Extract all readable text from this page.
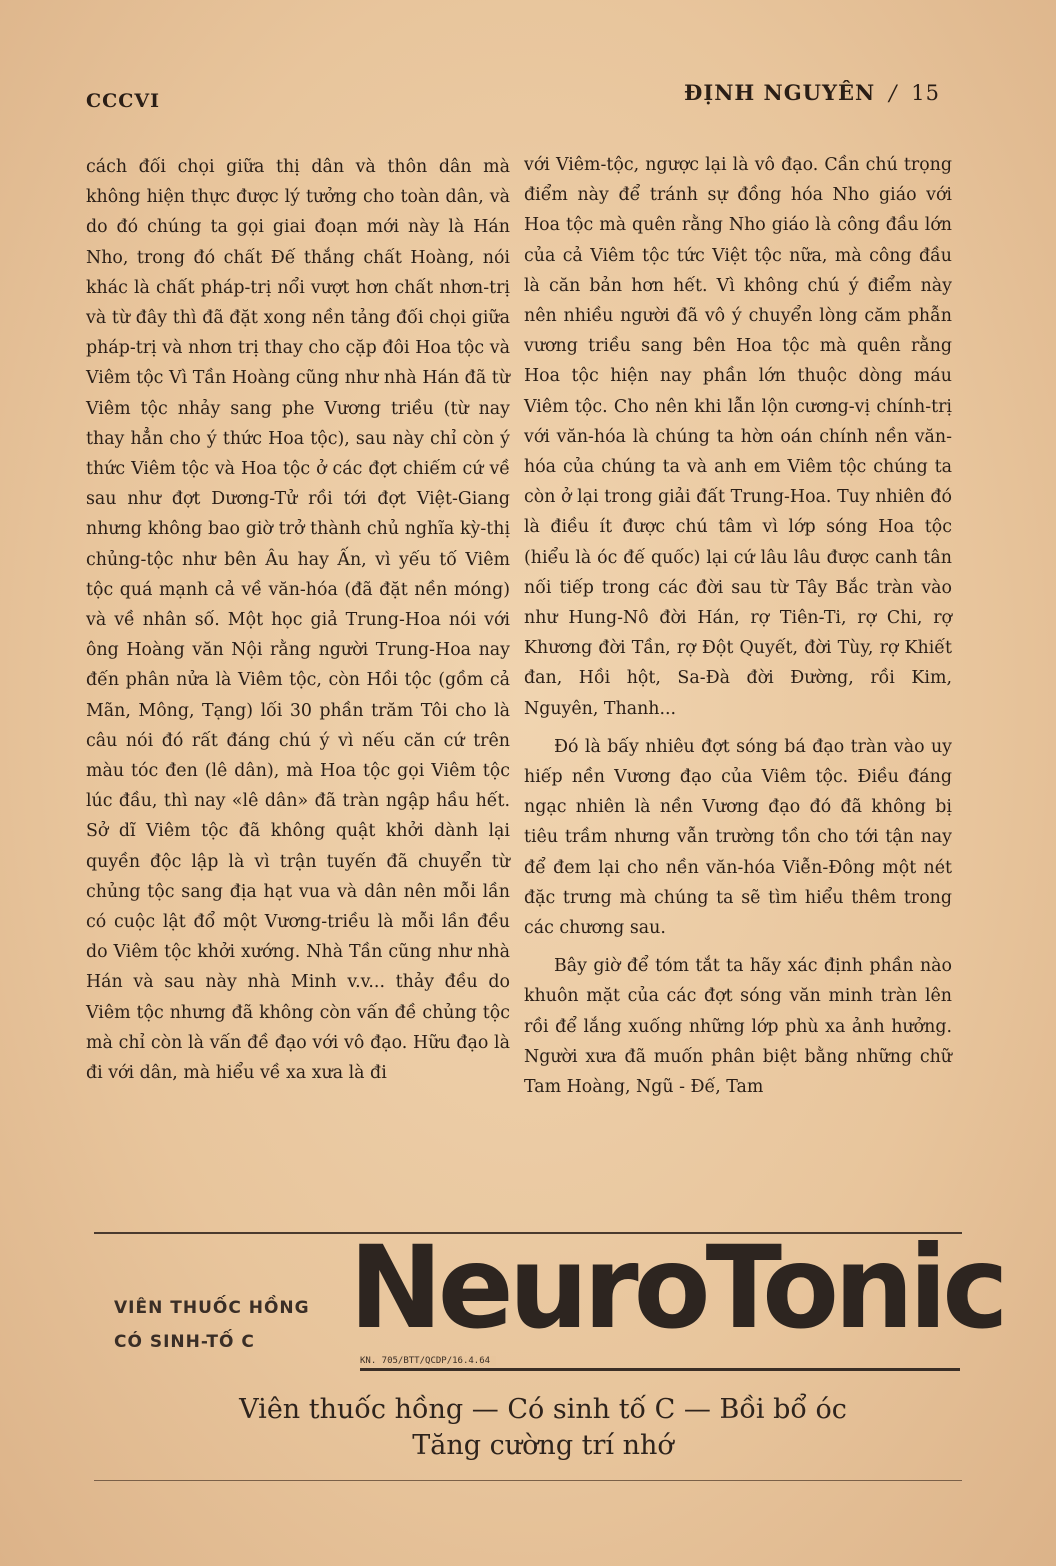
CCCVI	ĐỊNH NGUYÊN / 15

cách đối chọi giữa thị dân và thôn dân mà không hiện thực được lý tưởng cho toàn dân, và do đó chúng ta gọi giai đoạn mới này là Hán Nho, trong đó chất Đế thắng chất Hoàng, nói khác là chất pháp-trị nổi vượt hơn chất nhơn-trị và từ đây thì đã đặt xong nền tảng đối chọi giữa pháp-trị và nhơn trị thay cho cặp đôi Hoa tộc và Viêm tộc Vì Tần Hoàng cũng như nhà Hán đã từ Viêm tộc nhảy sang phe Vương triều (từ nay thay hẳn cho ý thức Hoa tộc), sau này chỉ còn ý thức Viêm tộc và Hoa tộc ở các đợt chiếm cứ về sau như đợt Dương-Tử rồi tới đợt Việt-Giang nhưng không bao giờ trở thành chủ nghĩa kỳ-thị chủng-tộc như bên Âu hay Ấn, vì yếu tố Viêm tộc quá mạnh cả về văn-hóa (đã đặt nền móng) và về nhân số. Một học giả Trung-Hoa nói với ông Hoàng văn Nội rằng người Trung-Hoa nay đến phân nửa là Viêm tộc, còn Hồi tộc (gồm cả Mãn, Mông, Tạng) lối 30 phần trăm Tôi cho là câu nói đó rất đáng chú ý vì nếu căn cứ trên màu tóc đen (lê dân), mà Hoa tộc gọi Viêm tộc lúc đầu, thì nay «lê dân» đã tràn ngập hầu hết. Sở dĩ Viêm tộc đã không quật khởi dành lại quyền độc lập là vì trận tuyến đã chuyển từ chủng tộc sang địa hạt vua và dân nên mỗi lần có cuộc lật đổ một Vương-triều là mỗi lần đều do Viêm tộc khởi xướng. Nhà Tần cũng như nhà Hán và sau này nhà Minh v.v... thảy đều do Viêm tộc nhưng đã không còn vấn đề chủng tộc mà chỉ còn là vấn đề đạo với vô đạo. Hữu đạo là đi với dân, mà hiểu về xa xưa là đi

với Viêm-tộc, ngược lại là vô đạo. Cần chú trọng điểm này để tránh sự đồng hóa Nho giáo với Hoa tộc mà quên rằng Nho giáo là công đầu lớn của cả Viêm tộc tức Việt tộc nữa, mà công đầu là căn bản hơn hết. Vì không chú ý điểm này nên nhiều người đã vô ý chuyển lòng căm phẫn vương triều sang bên Hoa tộc mà quên rằng Hoa tộc hiện nay phần lớn thuộc dòng máu Viêm tộc. Cho nên khi lẫn lộn cương-vị chính-trị với văn-hóa là chúng ta hờn oán chính nền văn-hóa của chúng ta và anh em Viêm tộc chúng ta còn ở lại trong giải đất Trung-Hoa. Tuy nhiên đó là điều ít được chú tâm vì lớp sóng Hoa tộc (hiểu là óc đế quốc) lại cứ lâu lâu được canh tân nối tiếp trong các đời sau từ Tây Bắc tràn vào như Hung-Nô đời Hán, rợ Tiên-Ti, rợ Chi, rợ Khương đời Tần, rợ Đột Quyết, đời Tùy, rợ Khiết đan, Hồi hột, Sa-Đà đời Đường, rồi Kim, Nguyên, Thanh...

Đó là bấy nhiêu đợt sóng bá đạo tràn vào uy hiếp nền Vương đạo của Viêm tộc. Điều đáng ngạc nhiên là nền Vương đạo đó đã không bị tiêu trầm nhưng vẫn trường tồn cho tới tận nay để đem lại cho nền văn-hóa Viễn-Đông một nét đặc trưng mà chúng ta sẽ tìm hiểu thêm trong các chương sau.

Bây giờ để tóm tắt ta hãy xác định phần nào khuôn mặt của các đợt sóng văn minh tràn lên rồi để lắng xuống những lớp phù xa ảnh hưởng. Người xưa đã muốn phân biệt bằng những chữ Tam Hoàng, Ngũ - Đế, Tam

VIÊN THUỐC HỒNG
CÓ SINH-TỐ C NeuroTonic
KN. 705/BTT/QCDP/16.4.64
Viên thuốc hồng — Có sinh tố C — Bồi bổ óc
Tăng cường trí nhớ
